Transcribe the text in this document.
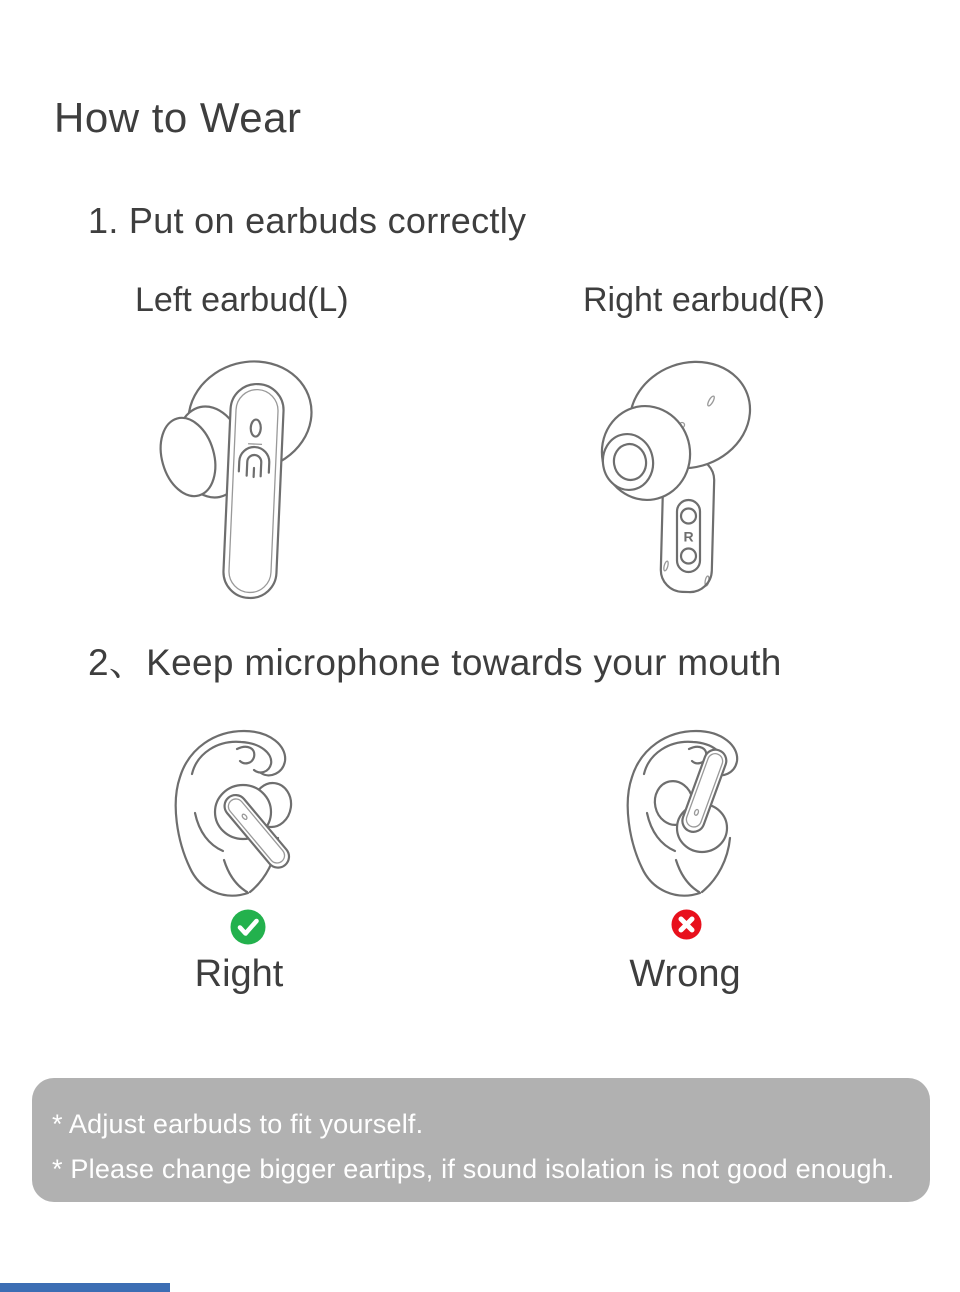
How to Wear
1. Put on earbuds correctly
Left earbud(L)	Right earbud(R)
R
2、Keep microphone towards your mouth
Right	Wrong
* Adjust earbuds to fit yourself.
* Please change bigger eartips, if sound isolation is not good enough.
